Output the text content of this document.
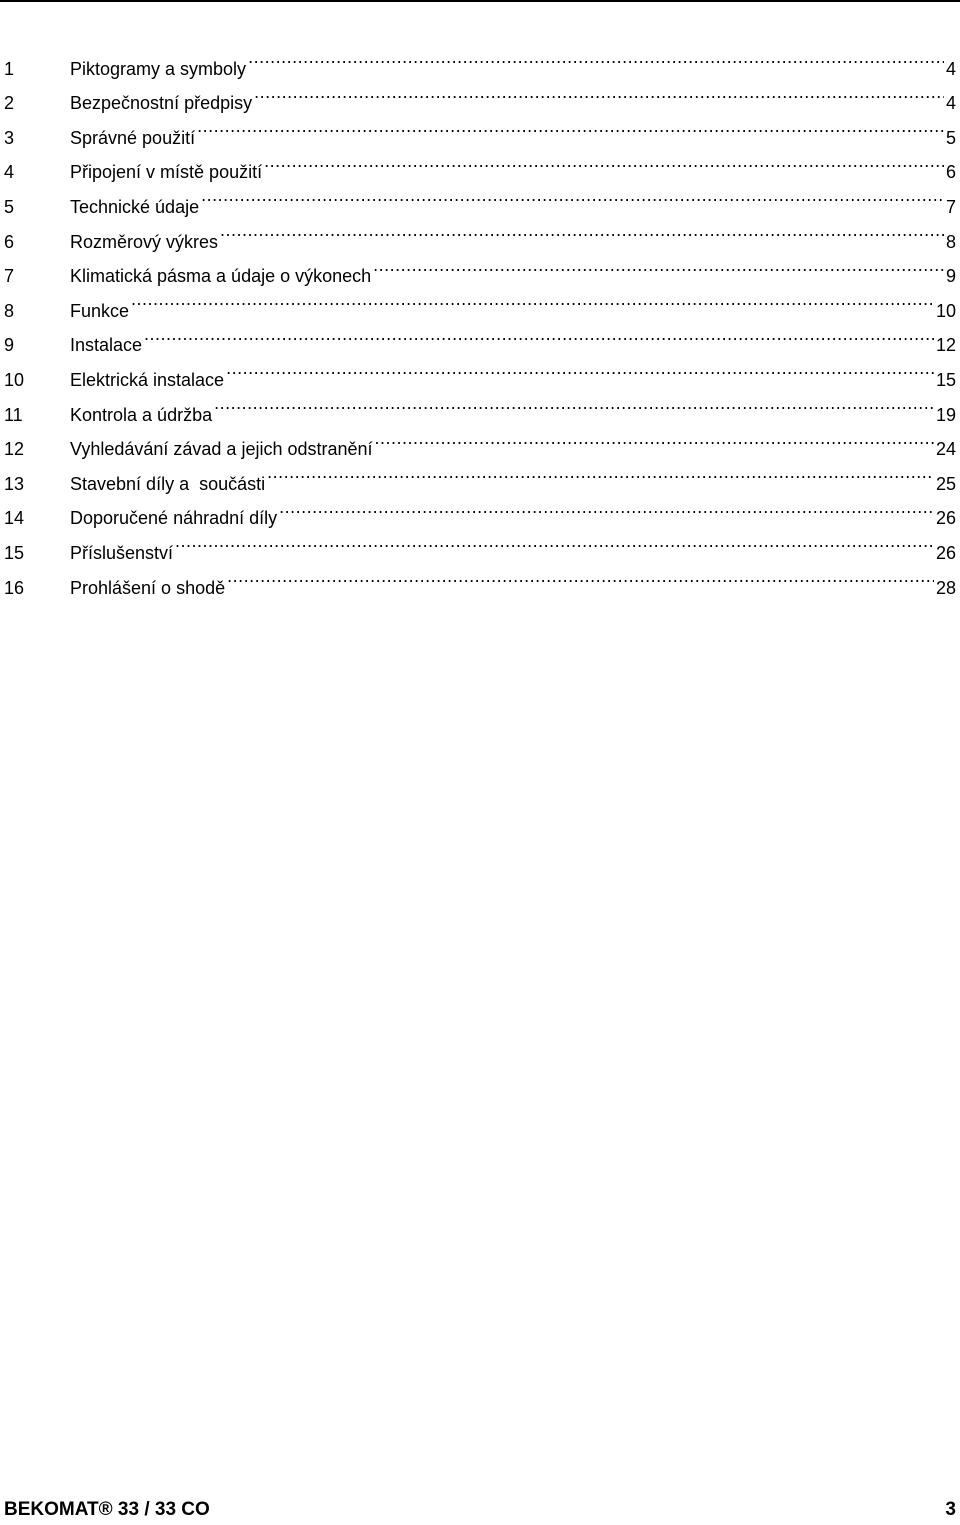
1	Piktogramy a symboly .....	4
2	Bezpečnostní předpisy .....	4
3	Správné použití .....	5
4	Připojení v místě použití .....	6
5	Technické údaje .....	7
6	Rozměrový výkres .....	8
7	Klimatická pásma a údaje o výkonech .....	9
8	Funkce .....	10
9	Instalace .....	12
10	Elektrická instalace .....	15
11	Kontrola a údržba .....	19
12	Vyhledávání závad a jejich odstranění .....	24
13	Stavební díly a  součásti .....	25
14	Doporučené náhradní díly .....	26
15	Příslušenství .....	26
16	Prohlášení o shodě .....	28
BEKOMAT® 33 / 33 CO	3
